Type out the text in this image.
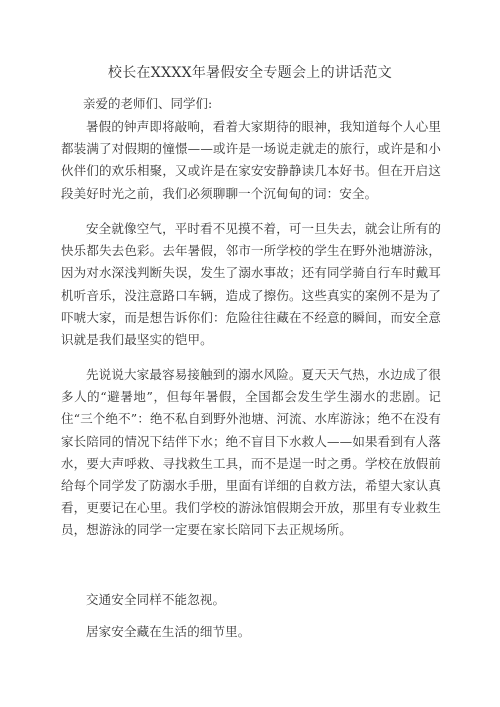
校长在XXXX年暑假安全专题会上的讲话范文
亲爱的老师们、同学们:

暑假的钟声即将敲响，看着大家期待的眼神，我知道每个人心里都装满了对假期的憧憬——或许是一场说走就走的旅行，或许是和小伙伴们的欢乐相聚，又或许是在家安安静静读几本好书。但在开启这段美好时光之前，我们必须聊聊一个沉甸甸的词：安全。

安全就像空气，平时看不见摸不着，可一旦失去，就会让所有的快乐都失去色彩。去年暑假，邻市一所学校的学生在野外池塘游泳，因为对水深浅判断失误，发生了溺水事故；还有同学骑自行车时戴耳机听音乐，没注意路口车辆，造成了擦伤。这些真实的案例不是为了吓唬大家，而是想告诉你们：危险往往藏在不经意的瞬间，而安全意识就是我们最坚实的铠甲。

先说说大家最容易接触到的溺水风险。夏天天气热，水边成了很多人的“避暑地”，但每年暑假，全国都会发生学生溺水的悲剧。记住“三个绝不”：绝不私自到野外池塘、河流、水库游泳；绝不在没有家长陪同的情况下结伴下水；绝不盲目下水救人——如果看到有人落水，要大声呼救、寻找救生工具，而不是逞一时之勇。学校在放假前给每个同学发了防溺水手册，里面有详细的自救方法，希望大家认真看，更要记在心里。我们学校的游泳馆假期会开放，那里有专业救生员，想游泳的同学一定要在家长陪同下去正规场所。

交通安全同样不能忽视。

居家安全藏在生活的细节里。
